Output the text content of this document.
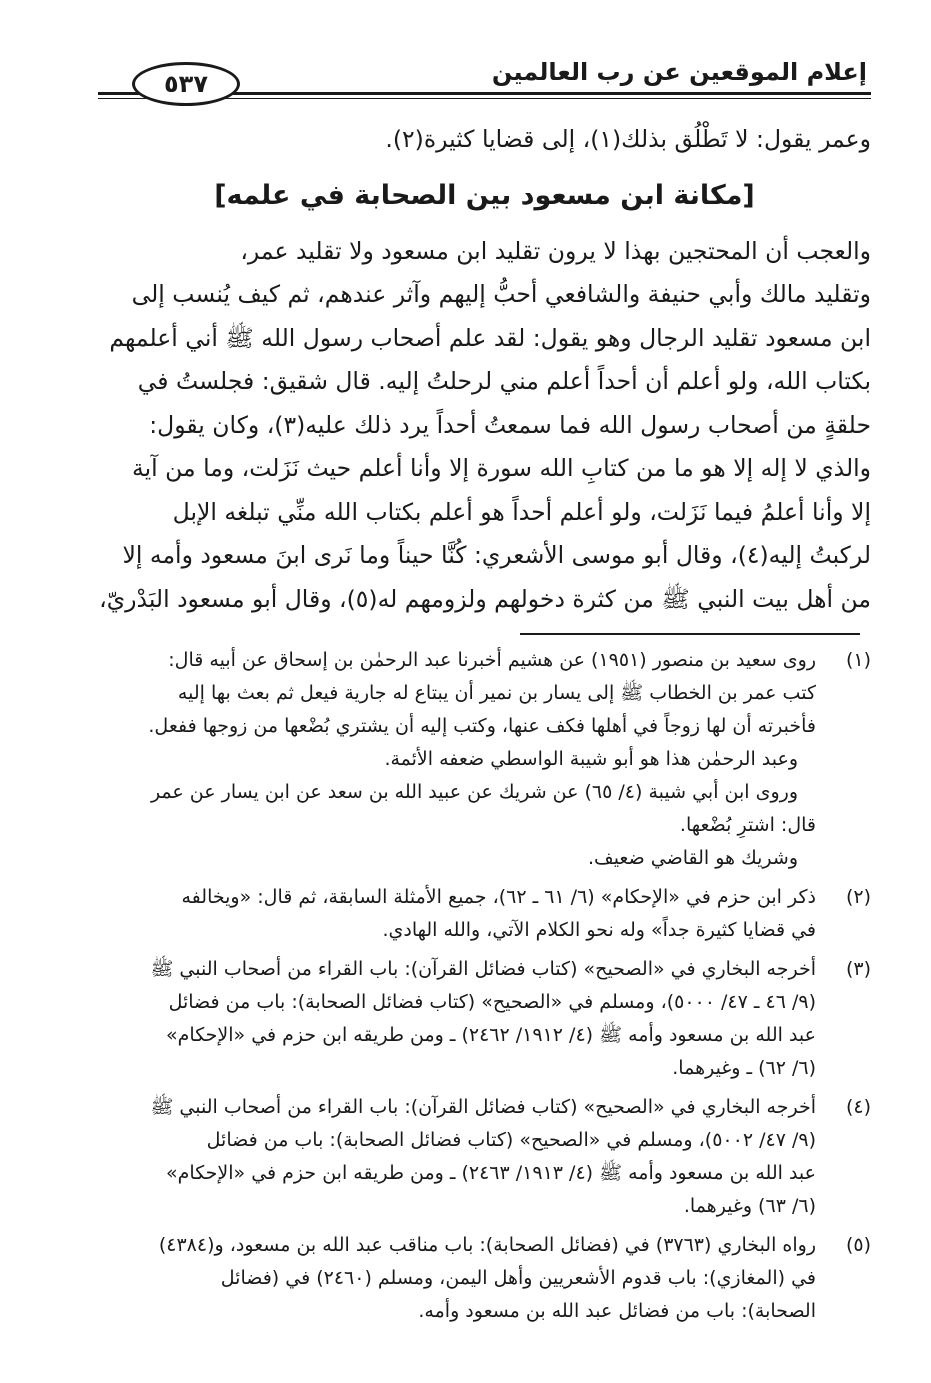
إعلام الموقعين عن رب العالمين
٥٣٧
وعمر يقول: لا تَطْلُق بذلك(١)، إلى قضايا كثيرة(٢).
[مكانة ابن مسعود بين الصحابة في علمه]
والعجب أن المحتجين بهذا لا يرون تقليد ابن مسعود ولا تقليد عمر،
وتقليد مالك وأبي حنيفة والشافعي أحبُّ إليهم وآثر عندهم، ثم كيف يُنسب إلى
ابن مسعود تقليد الرجال وهو يقول: لقد علم أصحاب رسول الله ﷺ أني أعلمهم
بكتاب الله، ولو أعلم أن أحداً أعلم مني لرحلتُ إليه. قال شقيق: فجلستُ في
حلقةٍ من أصحاب رسول الله فما سمعتُ أحداً يرد ذلك عليه(٣)، وكان يقول:
والذي لا إله إلا هو ما من كتابِ الله سورة إلا وأنا أعلم حيث نَزَلت، وما من آية
إلا وأنا أعلمُ فيما نَزَلت، ولو أعلم أحداً هو أعلم بكتاب الله منِّي تبلغه الإبل
لركبتُ إليه(٤)، وقال أبو موسى الأشعري: كُنَّا حيناً وما نَرى ابنَ مسعود وأمه إلا
من أهل بيت النبي ﷺ من كثرة دخولهم ولزومهم له(٥)، وقال أبو مسعود البَدْريّ،
(١)
روى سعيد بن منصور (١٩٥١) عن هشيم أخبرنا عبد الرحمٰن بن إسحاق عن أبيه قال:
كتب عمر بن الخطاب ﷺ إلى يسار بن نمير أن يبتاع له جارية فيعل ثم بعث بها إليه
فأخبرته أن لها زوجاً في أهلها فكف عنها، وكتب إليه أن يشتري بُضْعها من زوجها ففعل.
وعبد الرحمٰن هذا هو أبو شيبة الواسطي ضعفه الأئمة.
وروى ابن أبي شيبة (٤/ ٦٥) عن شريك عن عبيد الله بن سعد عن ابن يسار عن عمر
قال: اشترِ بُضْعها.
وشريك هو القاضي ضعيف.
(٢)
ذكر ابن حزم في «الإحكام» (٦/ ٦١ ـ ٦٢)، جميع الأمثلة السابقة، ثم قال: «ويخالفه
في قضايا كثيرة جداً» وله نحو الكلام الآتي، والله الهادي.
(٣)
أخرجه البخاري في «الصحيح» (كتاب فضائل القرآن): باب القراء من أصحاب النبي ﷺ
(٩/ ٤٦ ـ ٤٧/ ٥٠٠٠)، ومسلم في «الصحيح» (كتاب فضائل الصحابة): باب من فضائل
عبد الله بن مسعود وأمه ﷺ (٤/ ١٩١٢/ ٢٤٦٢) ـ ومن طريقه ابن حزم في «الإحكام»
(٦/ ٦٢) ـ وغيرهما.
(٤)
أخرجه البخاري في «الصحيح» (كتاب فضائل القرآن): باب القراء من أصحاب النبي ﷺ
(٩/ ٤٧/ ٥٠٠٢)، ومسلم في «الصحيح» (كتاب فضائل الصحابة): باب من فضائل
عبد الله بن مسعود وأمه ﷺ (٤/ ١٩١٣/ ٢٤٦٣) ـ ومن طريقه ابن حزم في «الإحكام»
(٦/ ٦٣) وغيرهما.
(٥)
رواه البخاري (٣٧٦٣) في (فضائل الصحابة): باب مناقب عبد الله بن مسعود، و(٤٣٨٤)
في (المغازي): باب قدوم الأشعريين وأهل اليمن، ومسلم (٢٤٦٠) في (فضائل
الصحابة): باب من فضائل عبد الله بن مسعود وأمه.
